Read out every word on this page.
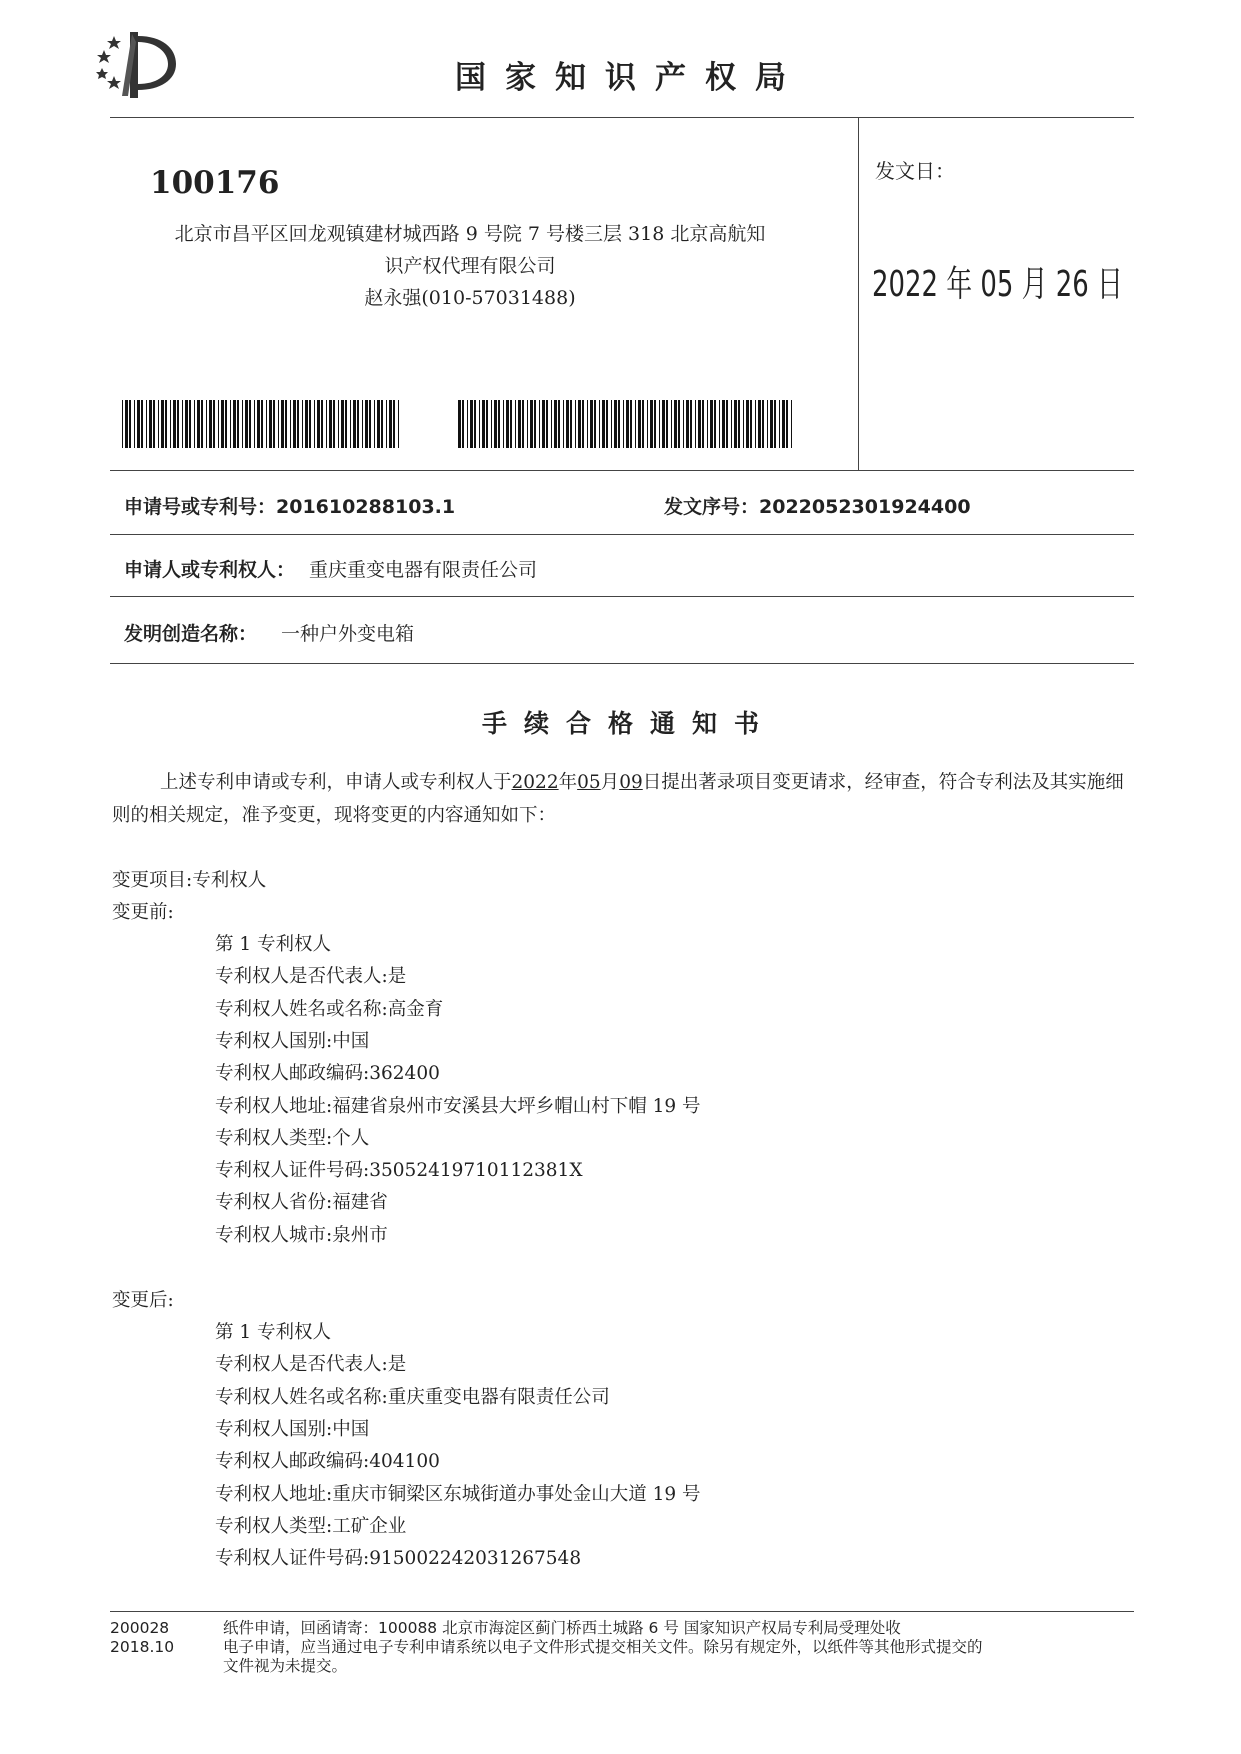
国家知识产权局
100176
北京市昌平区回龙观镇建材城西路 9 号院 7 号楼三层 318 北京高航知
识产权代理有限公司
赵永强(010-57031488)
发文日：
2022 年 05 月 26 日
申请号或专利号：201610288103.1	发文序号：2022052301924400
申请人或专利权人： 重庆重变电器有限责任公司
发明创造名称： 一种户外变电箱
手续合格通知书
上述专利申请或专利，申请人或专利权人于2022年05月09日提出著录项目变更请求，经审查，符合专利法及其实施细则的相关规定，准予变更，现将变更的内容通知如下：
变更项目:专利权人
变更前:
第 1 专利权人
专利权人是否代表人:是
专利权人姓名或名称:高金育
专利权人国别:中国
专利权人邮政编码:362400
专利权人地址:福建省泉州市安溪县大坪乡帽山村下帽 19 号
专利权人类型:个人
专利权人证件号码:35052419710112381X
专利权人省份:福建省
专利权人城市:泉州市
变更后:
第 1 专利权人
专利权人是否代表人:是
专利权人姓名或名称:重庆重变电器有限责任公司
专利权人国别:中国
专利权人邮政编码:404100
专利权人地址:重庆市铜梁区东城街道办事处金山大道 19 号
专利权人类型:工矿企业
专利权人证件号码:915002242031267548
200028
2018.10
纸件申请，回函请寄：100088 北京市海淀区蓟门桥西土城路 6 号 国家知识产权局专利局受理处收
电子申请，应当通过电子专利申请系统以电子文件形式提交相关文件。除另有规定外，以纸件等其他形式提交的
文件视为未提交。
